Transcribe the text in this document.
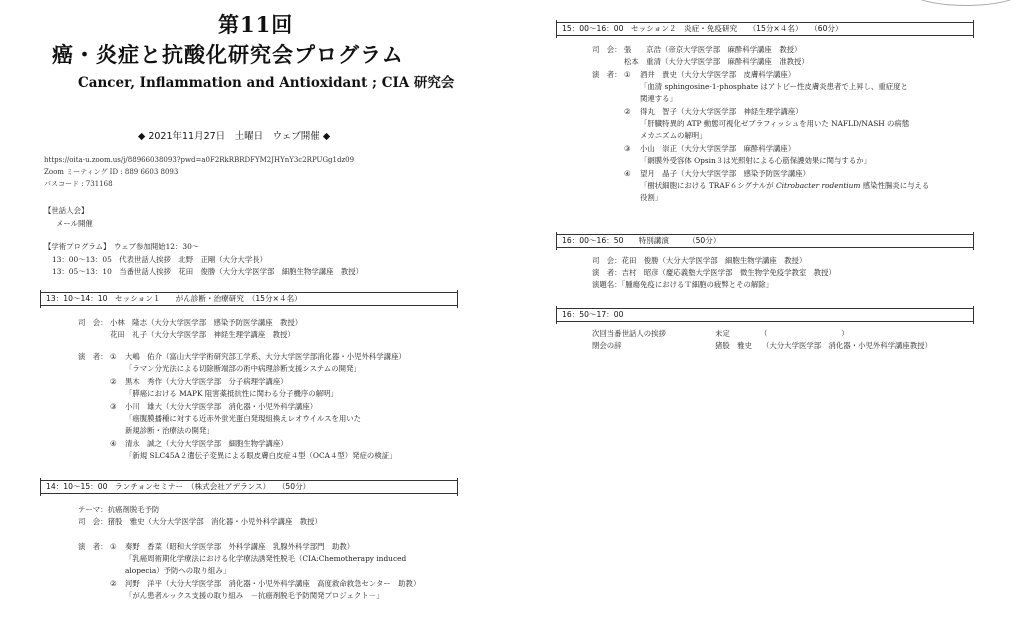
第11回
癌・炎症と抗酸化研究会プログラム
Cancer, Inflammation and Antioxidant ; CIA 研究会
◆ 2021年11月27日　土曜日　ウェブ開催 ◆
https://oita-u.zoom.us/j/88966038093?pwd=a0F2RkRBRDFYM2JHYnY3c2RPUGg1dz09
Zoom ミーティング ID : 889 6603 8093
パスコード : 731168
【世話人会】
メール開催
【学術プログラム】　ウェブ参加開始12：30～
13：00～13：05　代表世話人挨拶　北野　正剛（大分大学長）
13：05～13：10　当番世話人挨拶　花田　俊勝（大分大学医学部　細胞生物学講座　教授）
13：10～14：10　セッション１　　がん診断・治療研究　（15分×４名）
司　会： 小林　隆志（大分大学医学部　感染予防医学講座　教授）
花田　礼子（大分大学医学部　神経生理学講座　教授）
演　者： ① 大嶋　佑介（富山大学学術研究部工学系、大分大学医学部消化器・小児外科学講座）
「ラマン分光法による切除断端部の術中病理診断支援システムの開発」
② 黒木　秀作（大分大学医学部　分子病理学講座）
「膵癌における MAPK 阻害薬抵抗性に関わる分子機序の解明」
③ 小川　雄大（大分大学医学部　消化器・小児外科学講座）
「癌腹膜播種に対する近赤外蛍光蛋白発現組換えレオウイルスを用いた
新規診断・治療法の開発」
④ 清永　誠之（大分大学医学部　細胞生物学講座）
「新規 SLC45A２遺伝子変異による眼皮膚白皮症４型（OCA４型）発症の検証」
14：10～15：00　ランチョンセミナー　（株式会社アデランス）　　（50分）
テーマ：抗癌剤脱毛予防
司　会：猪股　雅史（大分大学医学部　消化器・小児外科学講座　教授）
演　者： ① 奏野　香菜（昭和大学医学部　外科学講座　乳腺外科学部門　助教）
「乳癌周術期化学療法における化学療法誘発性脱毛（CIA:Chemotherapy induced
alopecia）予防への取り組み」
② 河野　洋平（大分大学医学部　消化器・小児外科学講座　高度救命救急センター　助教）
「がん患者ルックス支援の取り組み　－抗癌剤脱毛予防関発プロジェクト－」
15：00～16：00　セッション２　炎症・免疫研究　　（15分×４名）　　（60分）
司　会： 張　　京浩（帝京大学医学部　麻酔科学講座　教授）
松本　重清（大分大学医学部　麻酔科学講座　准教授）
演　者： ① 酒井　貴史（大分大学医学部　皮膚科学講座）
「血清 sphingosine-1-phosphate はアトピー性皮膚炎患者で上昇し、重症度と
関連する」
② 得丸　智子（大分大学医学部　神経生理学講座）
「肝臓特異的 ATP 動態可視化ゼブラフィッシュを用いた NAFLD/NASH の病態
メカニズムの解明」
③ 小山　崇正（大分大学医学部　麻酔科学講座）
「網膜外受容体 Opsin３は光照射による心筋保護効果に関与するか」
④ 望月　晶子（大分大学医学部　感染予防医学講座）
「樹状細胞における TRAF６シグナルが Citrobacter rodentium 感染性腸炎に与える
役割」
16：00～16：50　　特別講演　　　（50分）
司　会：花田　俊勝（大分大学医学部　細胞生物学講座　教授）
演　者：吉村　昭彦（慶応義塾大学医学部　微生物学免疫学教室　教授）
演題名：「腫瘍免疫におけるＴ細胞の疲弊とその解除」
16：50～17：00
次回当番世話人の挨拶	未定	（　　　　　　　　　　）
閉会の辞	猪股　雅史 （大分大学医学部　消化器・小児外科学講座教授）
